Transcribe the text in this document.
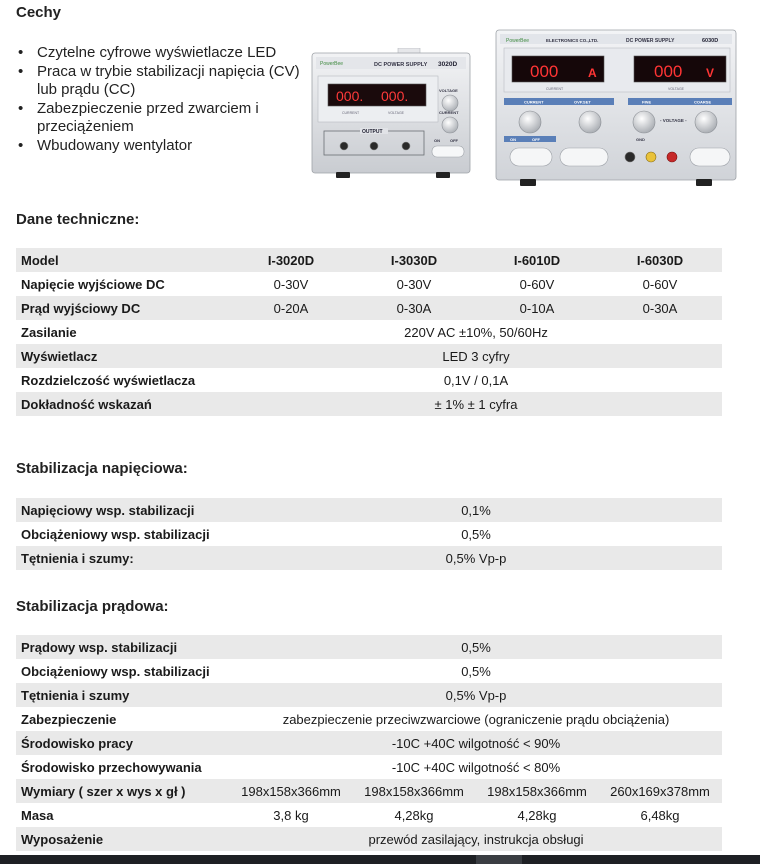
Cechy
• Czytelne cyfrowe wyświetlacze LED
• Praca w trybie stabilizacji napięcia (CV) lub prądu (CC)
• Zabezpieczenie przed zwarciem i przeciążeniem
• Wbudowany wentylator
PowerBee	DC POWER SUPPLY 3020D
000. 000.
CURRENT	VOLTAGE
VOLTAGE
CURRENT
OUTPUT
ON	OFF
PowerBee	ELECTRONICS CO.,LTD.	DC POWER SUPPLY	6030D
000 A
CURRENT
000 V
VOLTAGE
CURRENT	OVP.SET	FINE	COARSE
- VOLTAGE -
ON	OFF	GND
Dane techniczne:
Model	I-3020D	I-3030D	I-6010D	I-6030D
Napięcie wyjściowe DC	0-30V	0-30V	0-60V	0-60V
Prąd wyjściowy DC	0-20A	0-30A	0-10A	0-30A
Zasilanie	220V AC ±10%, 50/60Hz			
Wyświetlacz	LED 3 cyfry			
Rozdzielczość wyświetlacza	0,1V / 0,1A			
Dokładność wskazań	± 1% ± 1 cyfra			
Stabilizacja napięciowa:
Napięciowy wsp. stabilizacji	0,1%
Obciążeniowy wsp. stabilizacji	0,5%
Tętnienia i szumy:	0,5% Vp-p
Stabilizacja prądowa:
Prądowy wsp. stabilizacji	0,5%			
Obciążeniowy wsp. stabilizacji	0,5%			
Tętnienia i szumy	0,5% Vp-p			
Zabezpieczenie	zabezpieczenie przeciwzwarciowe (ograniczenie prądu obciążenia)			
Środowisko pracy	-10C +40C wilgotność < 90%			
Środowisko przechowywania	-10C +40C wilgotność < 80%			
Wymiary ( szer x wys x gł )	198x158x366mm	198x158x366mm	198x158x366mm	260x169x378mm
Masa	3,8 kg	4,28kg	4,28kg	6,48kg
Wyposażenie	przewód zasilający, instrukcja obsługi			
